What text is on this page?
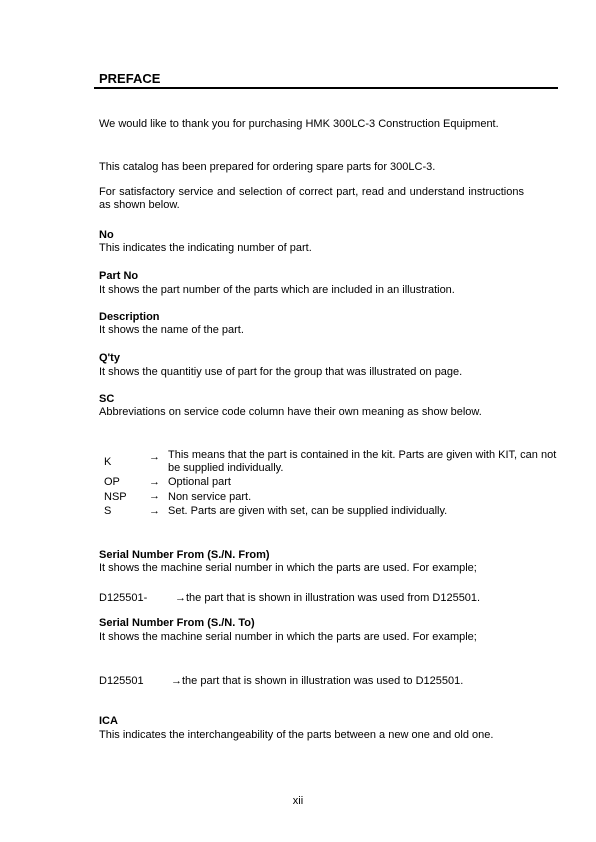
PREFACE
We would like to thank you for purchasing HMK 300LC-3 Construction Equipment.
This catalog has been prepared for ordering spare parts for 300LC-3.
For satisfactory service and selection of correct part, read and understand instructions as shown below.
No
This indicates the indicating number of part.
Part No
It shows the part number of the parts which are included in an illustration.
Description
It shows the name of the part.
Q'ty
It shows the quantitiy use of part for the group that was illustrated on page.
SC
Abbreviations on service code column have their own meaning as show below.
K	→ This means that the part is contained in the kit. Parts are given with KIT, can not be supplied individually.
OP	→ Optional part
NSP → Non service part.
S	→ Set. Parts are given with set, can be supplied individually.
Serial Number From (S./N. From)
It shows the machine serial number in which the parts are used. For example;
D125501-	→the part that is shown in illustration was used from D125501.
Serial Number From (S./N. To)
It shows the machine serial number in which the parts are used. For example;
D125501 →the part that is shown in illustration was used to D125501.
ICA
This indicates the interchangeability of the parts between a new one and old one.
xii
